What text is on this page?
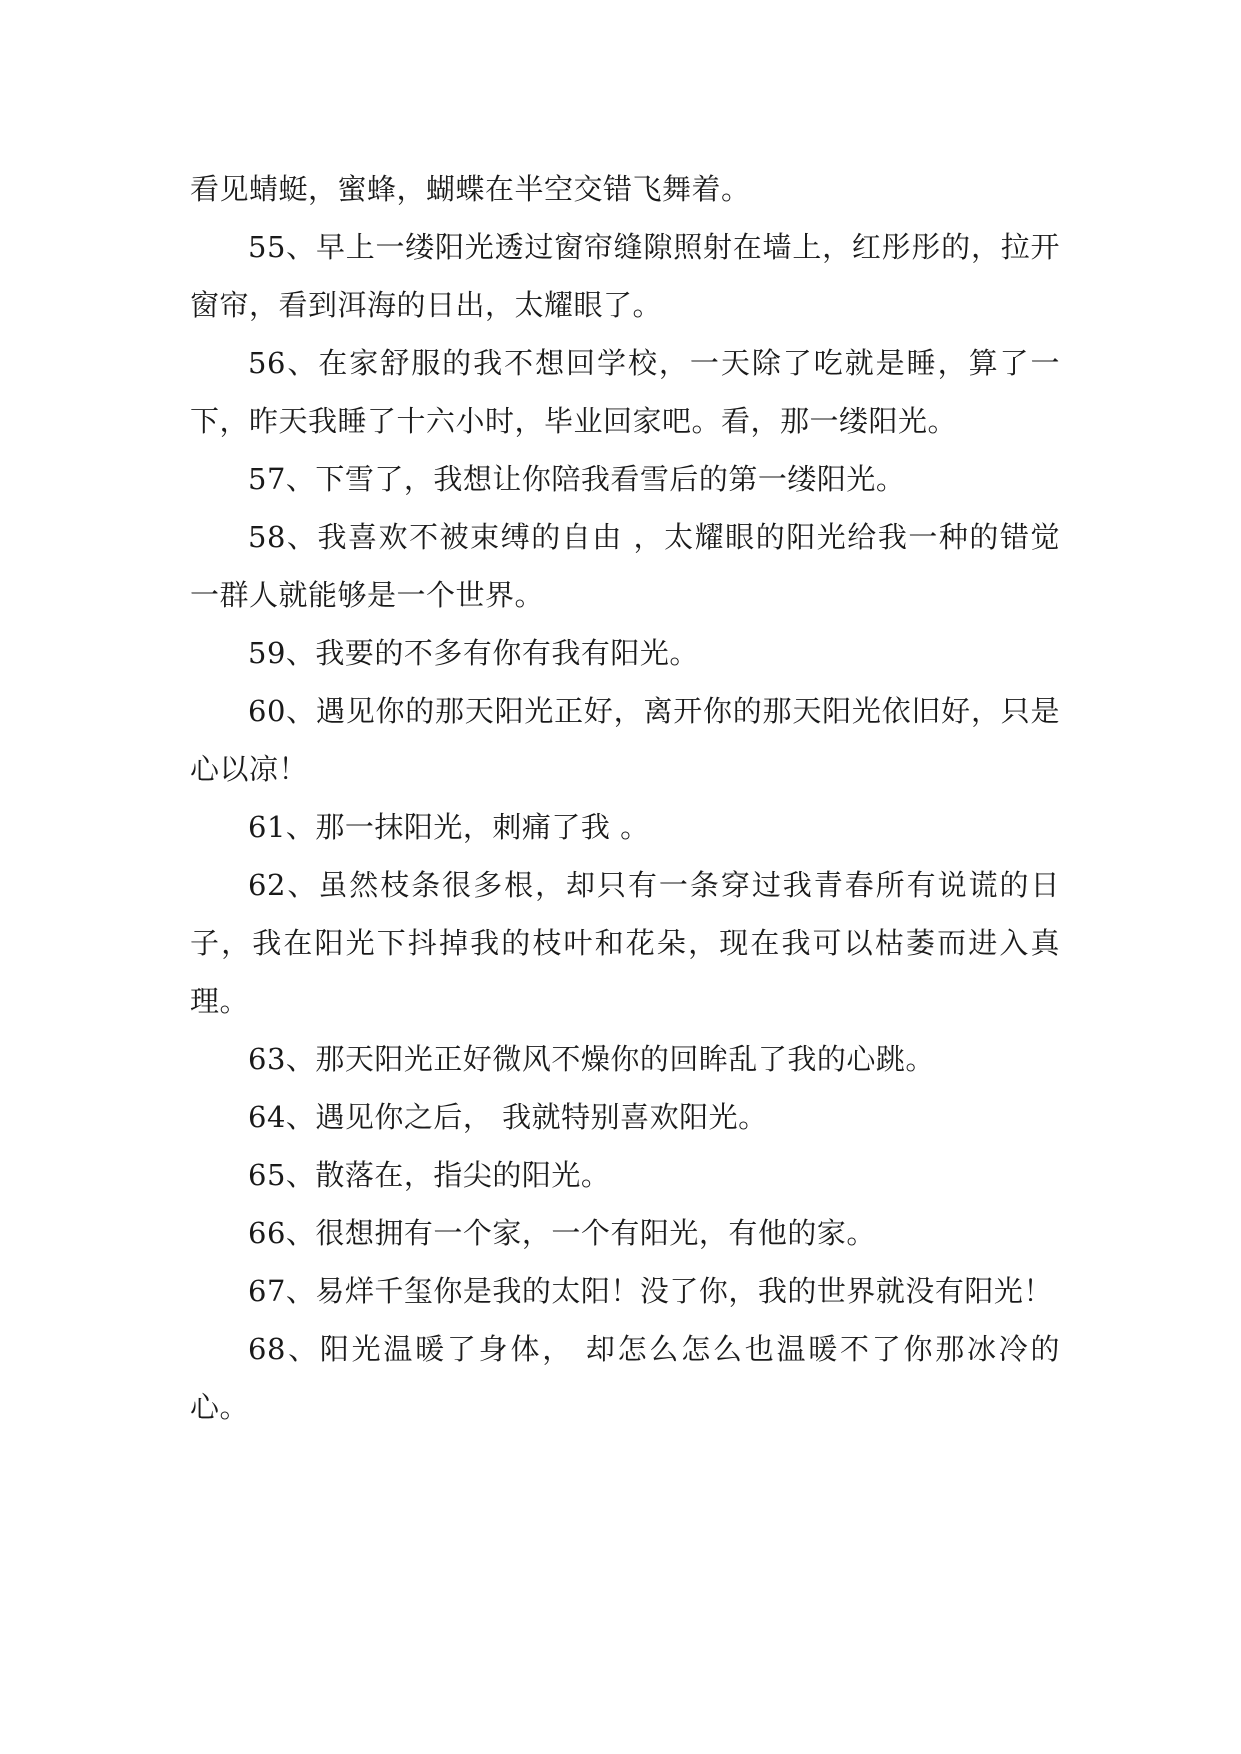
看见蜻蜓，蜜蜂，蝴蝶在半空交错飞舞着。

55、早上一缕阳光透过窗帘缝隙照射在墙上，红彤彤的，拉开窗帘，看到洱海的日出，太耀眼了。

56、在家舒服的我不想回学校，一天除了吃就是睡，算了一下，昨天我睡了十六小时，毕业回家吧。看，那一缕阳光。

57、下雪了，我想让你陪我看雪后的第一缕阳光。

58、我喜欢不被束缚的自由 ，太耀眼的阳光给我一种的错觉 一群人就能够是一个世界。

59、我要的不多有你有我有阳光。

60、遇见你的那天阳光正好，离开你的那天阳光依旧好，只是心以凉！

61、那一抹阳光，刺痛了我 。

62、虽然枝条很多根，却只有一条穿过我青春所有说谎的日子，我在阳光下抖掉我的枝叶和花朵，现在我可以枯萎而进入真理。

63、那天阳光正好微风不燥你的回眸乱了我的心跳。

64、遇见你之后， 我就特别喜欢阳光。

65、散落在，指尖的阳光。

66、很想拥有一个家，一个有阳光，有他的家。

67、易烊千玺你是我的太阳！没了你，我的世界就没有阳光！

68、阳光温暖了身体， 却怎么怎么也温暖不了你那冰冷的心。
